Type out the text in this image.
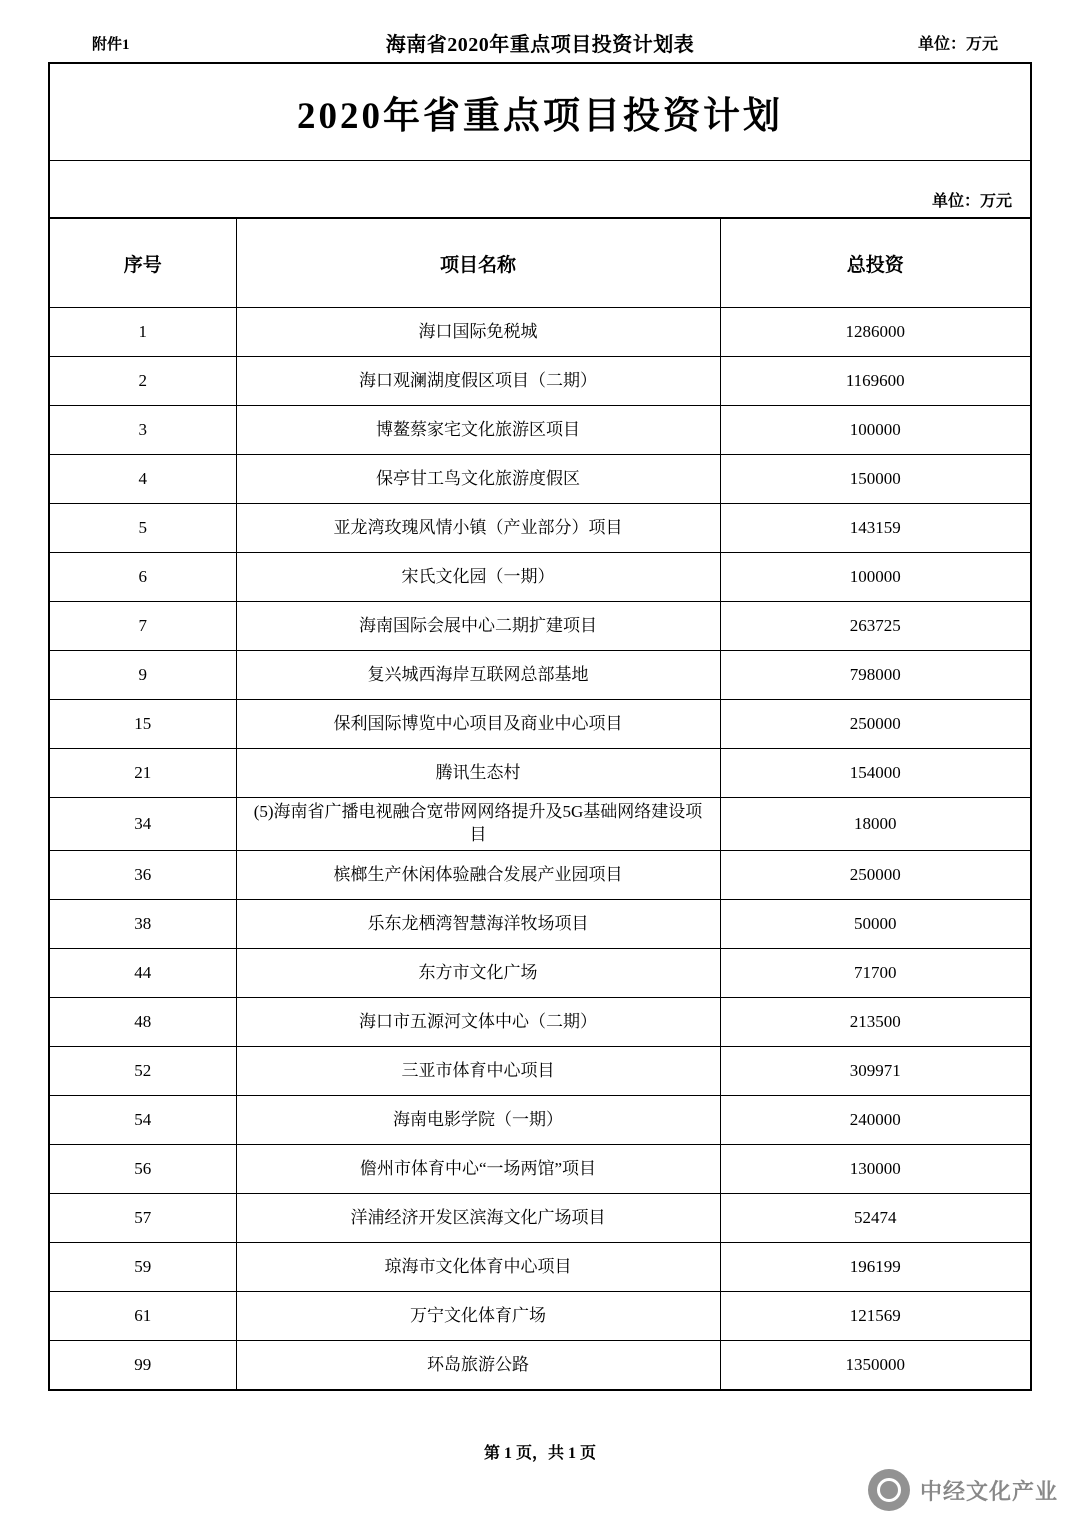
附件1	海南省2020年重点项目投资计划表	单位：万元
2020年省重点项目投资计划
单位：万元
序号	项目名称	总投资
1	海口国际免税城	1286000
2	海口观澜湖度假区项目（二期）	1169600
3	博鳌蔡家宅文化旅游区项目	100000
4	保亭甘工鸟文化旅游度假区	150000
5	亚龙湾玫瑰风情小镇（产业部分）项目	143159
6	宋氏文化园（一期）	100000
7	海南国际会展中心二期扩建项目	263725
9	复兴城西海岸互联网总部基地	798000
15	保利国际博览中心项目及商业中心项目	250000
21	腾讯生态村	154000
34	(5)海南省广播电视融合宽带网网络提升及5G基础网络建设项目	18000
36	槟榔生产休闲体验融合发展产业园项目	250000
38	乐东龙栖湾智慧海洋牧场项目	50000
44	东方市文化广场	71700
48	海口市五源河文体中心（二期）	213500
52	三亚市体育中心项目	309971
54	海南电影学院（一期）	240000
56	儋州市体育中心“一场两馆”项目	130000
57	洋浦经济开发区滨海文化广场项目	52474
59	琼海市文化体育中心项目	196199
61	万宁文化体育广场	121569
99	环岛旅游公路	1350000
第 1 页，共 1 页
中经文化产业
